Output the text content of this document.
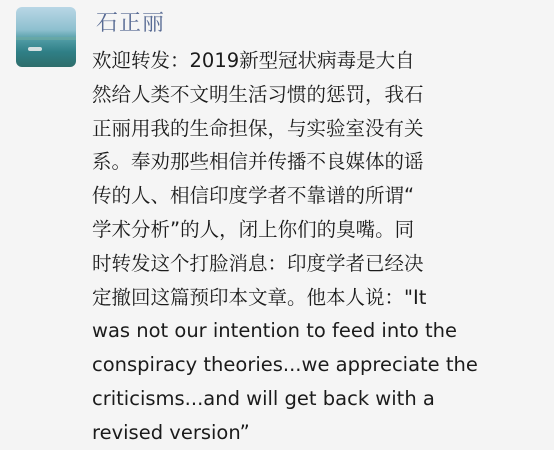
石正丽
欢迎转发：2019新型冠状病毒是大自
然给人类不文明生活习惯的惩罚，我石
正丽用我的生命担保，与实验室没有关
系。奉劝那些相信并传播不良媒体的谣
传的人、相信印度学者不靠谱的所谓“
学术分析”的人，闭上你们的臭嘴。同
时转发这个打脸消息：印度学者已经决
定撤回这篇预印本文章。他本人说："It
was not our intention to feed into the
conspiracy theories...we appreciate the
criticisms...and will get back with a
revised version”
